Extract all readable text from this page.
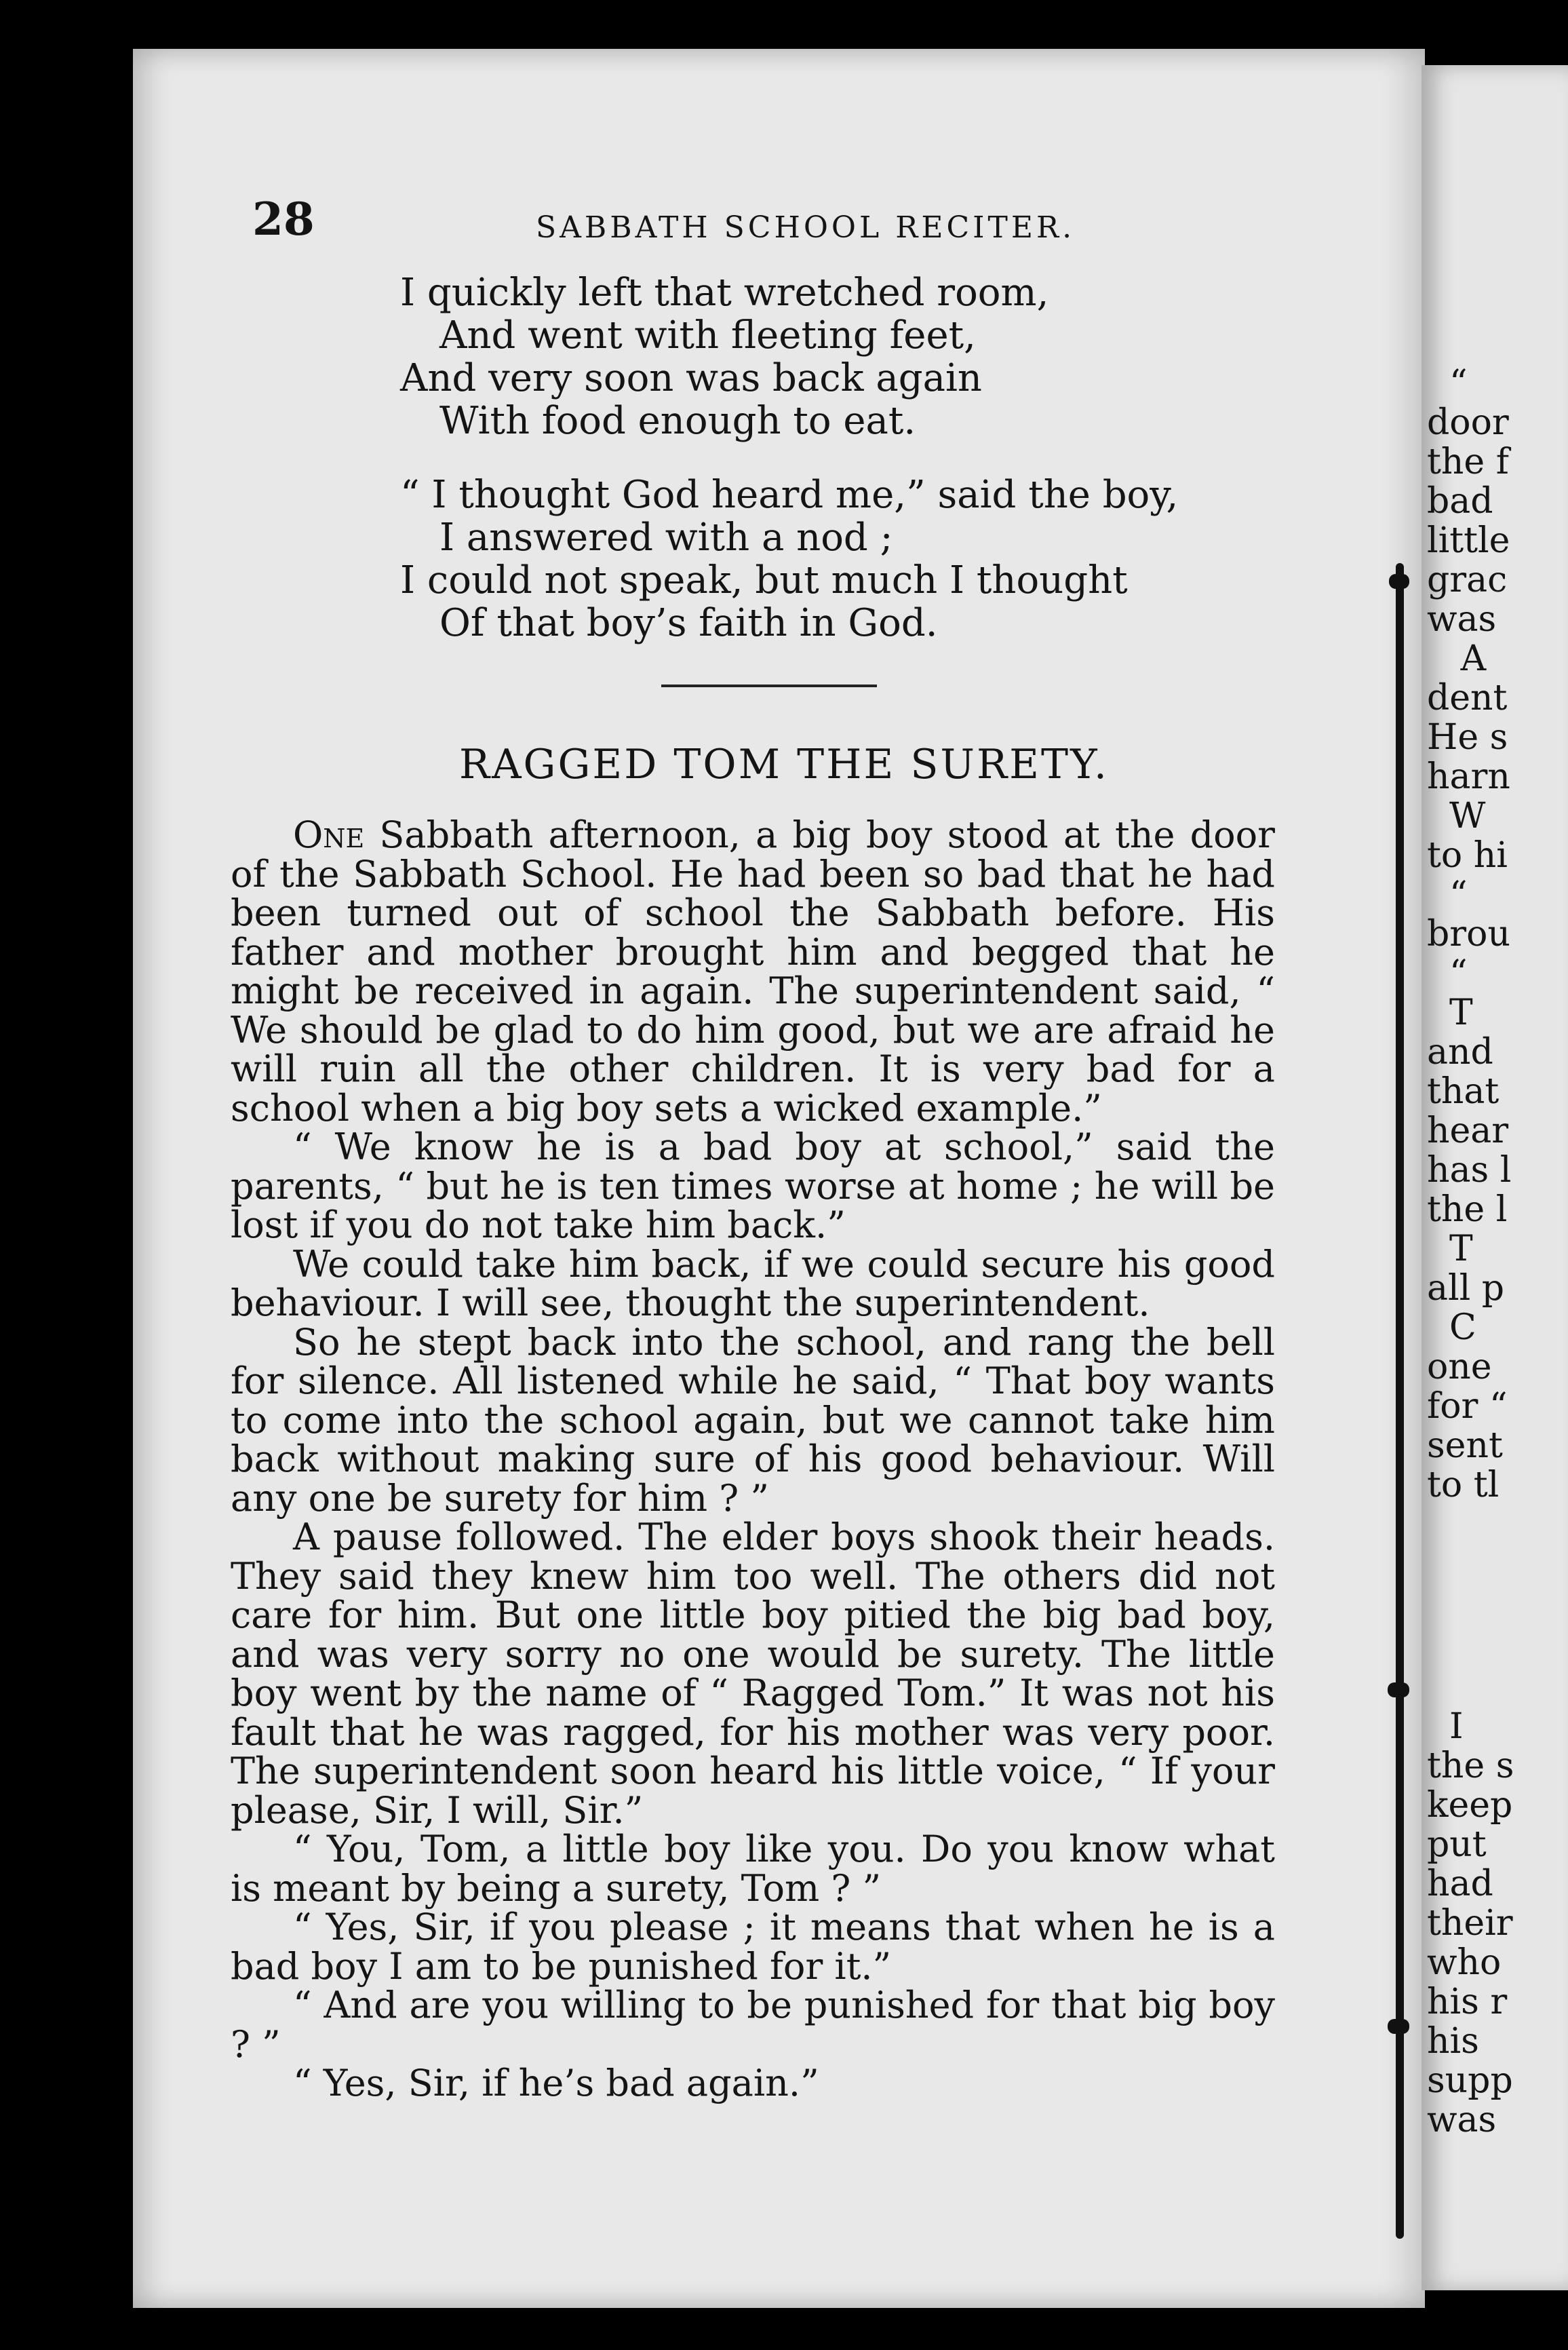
“
door
the f
bad
little
grac
was
A
dent
He s
harn
W
to hi
“
brou
“
T
and
that
hear
has l
the l
T
all p
C
one
for “
sent
to tl
I
the s
keep
put
had
their
who
his r
his
supp
was
28	SABBATH SCHOOL RECITER.
I quickly left that wretched room,
And went with fleeting feet,
And very soon was back again
With food enough to eat.
“ I thought God heard me,” said the boy,
I answered with a nod ;
I could not speak, but much I thought
Of that boy’s faith in God.
RAGGED TOM THE SURETY.

One Sabbath afternoon, a big boy stood at the door of the Sabbath School. He had been so bad that he had been turned out of school the Sabbath before. His father and mother brought him and begged that he might be received in again. The superintendent said, “ We should be glad to do him good, but we are afraid he will ruin all the other children. It is very bad for a school when a big boy sets a wicked example.”

“ We know he is a bad boy at school,” said the parents, “ but he is ten times worse at home ; he will be lost if you do not take him back.”

We could take him back, if we could secure his good behaviour. I will see, thought the superintendent.

So he stept back into the school, and rang the bell for silence. All listened while he said, “ That boy wants to come into the school again, but we cannot take him back without making sure of his good behaviour. Will any one be surety for him ? ”

A pause followed. The elder boys shook their heads. They said they knew him too well. The others did not care for him. But one little boy pitied the big bad boy, and was very sorry no one would be surety. The little boy went by the name of “ Ragged Tom.” It was not his fault that he was ragged, for his mother was very poor. The superintendent soon heard his little voice, “ If your please, Sir, I will, Sir.”

“ You, Tom, a little boy like you. Do you know what is meant by being a surety, Tom ? ”

“ Yes, Sir, if you please ; it means that when he is a bad boy I am to be punished for it.”

“ And are you willing to be punished for that big boy ? ”

“ Yes, Sir, if he’s bad again.”
